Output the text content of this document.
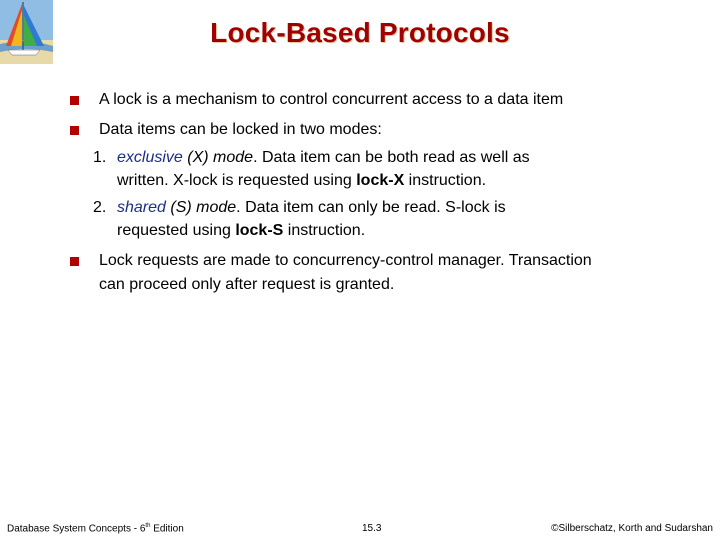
Lock-Based Protocols
A lock is a mechanism to control concurrent access to a data item
Data items can be locked in two modes:
1. exclusive (X) mode. Data item can be both read as well as
written. X-lock is requested using lock-X instruction.
2. shared (S) mode. Data item can only be read. S-lock is
requested using lock-S instruction.
Lock requests are made to concurrency-control manager. Transaction
can proceed only after request is granted.
Database System Concepts - 6th Edition	15.3	©Silberschatz, Korth and Sudarshan
